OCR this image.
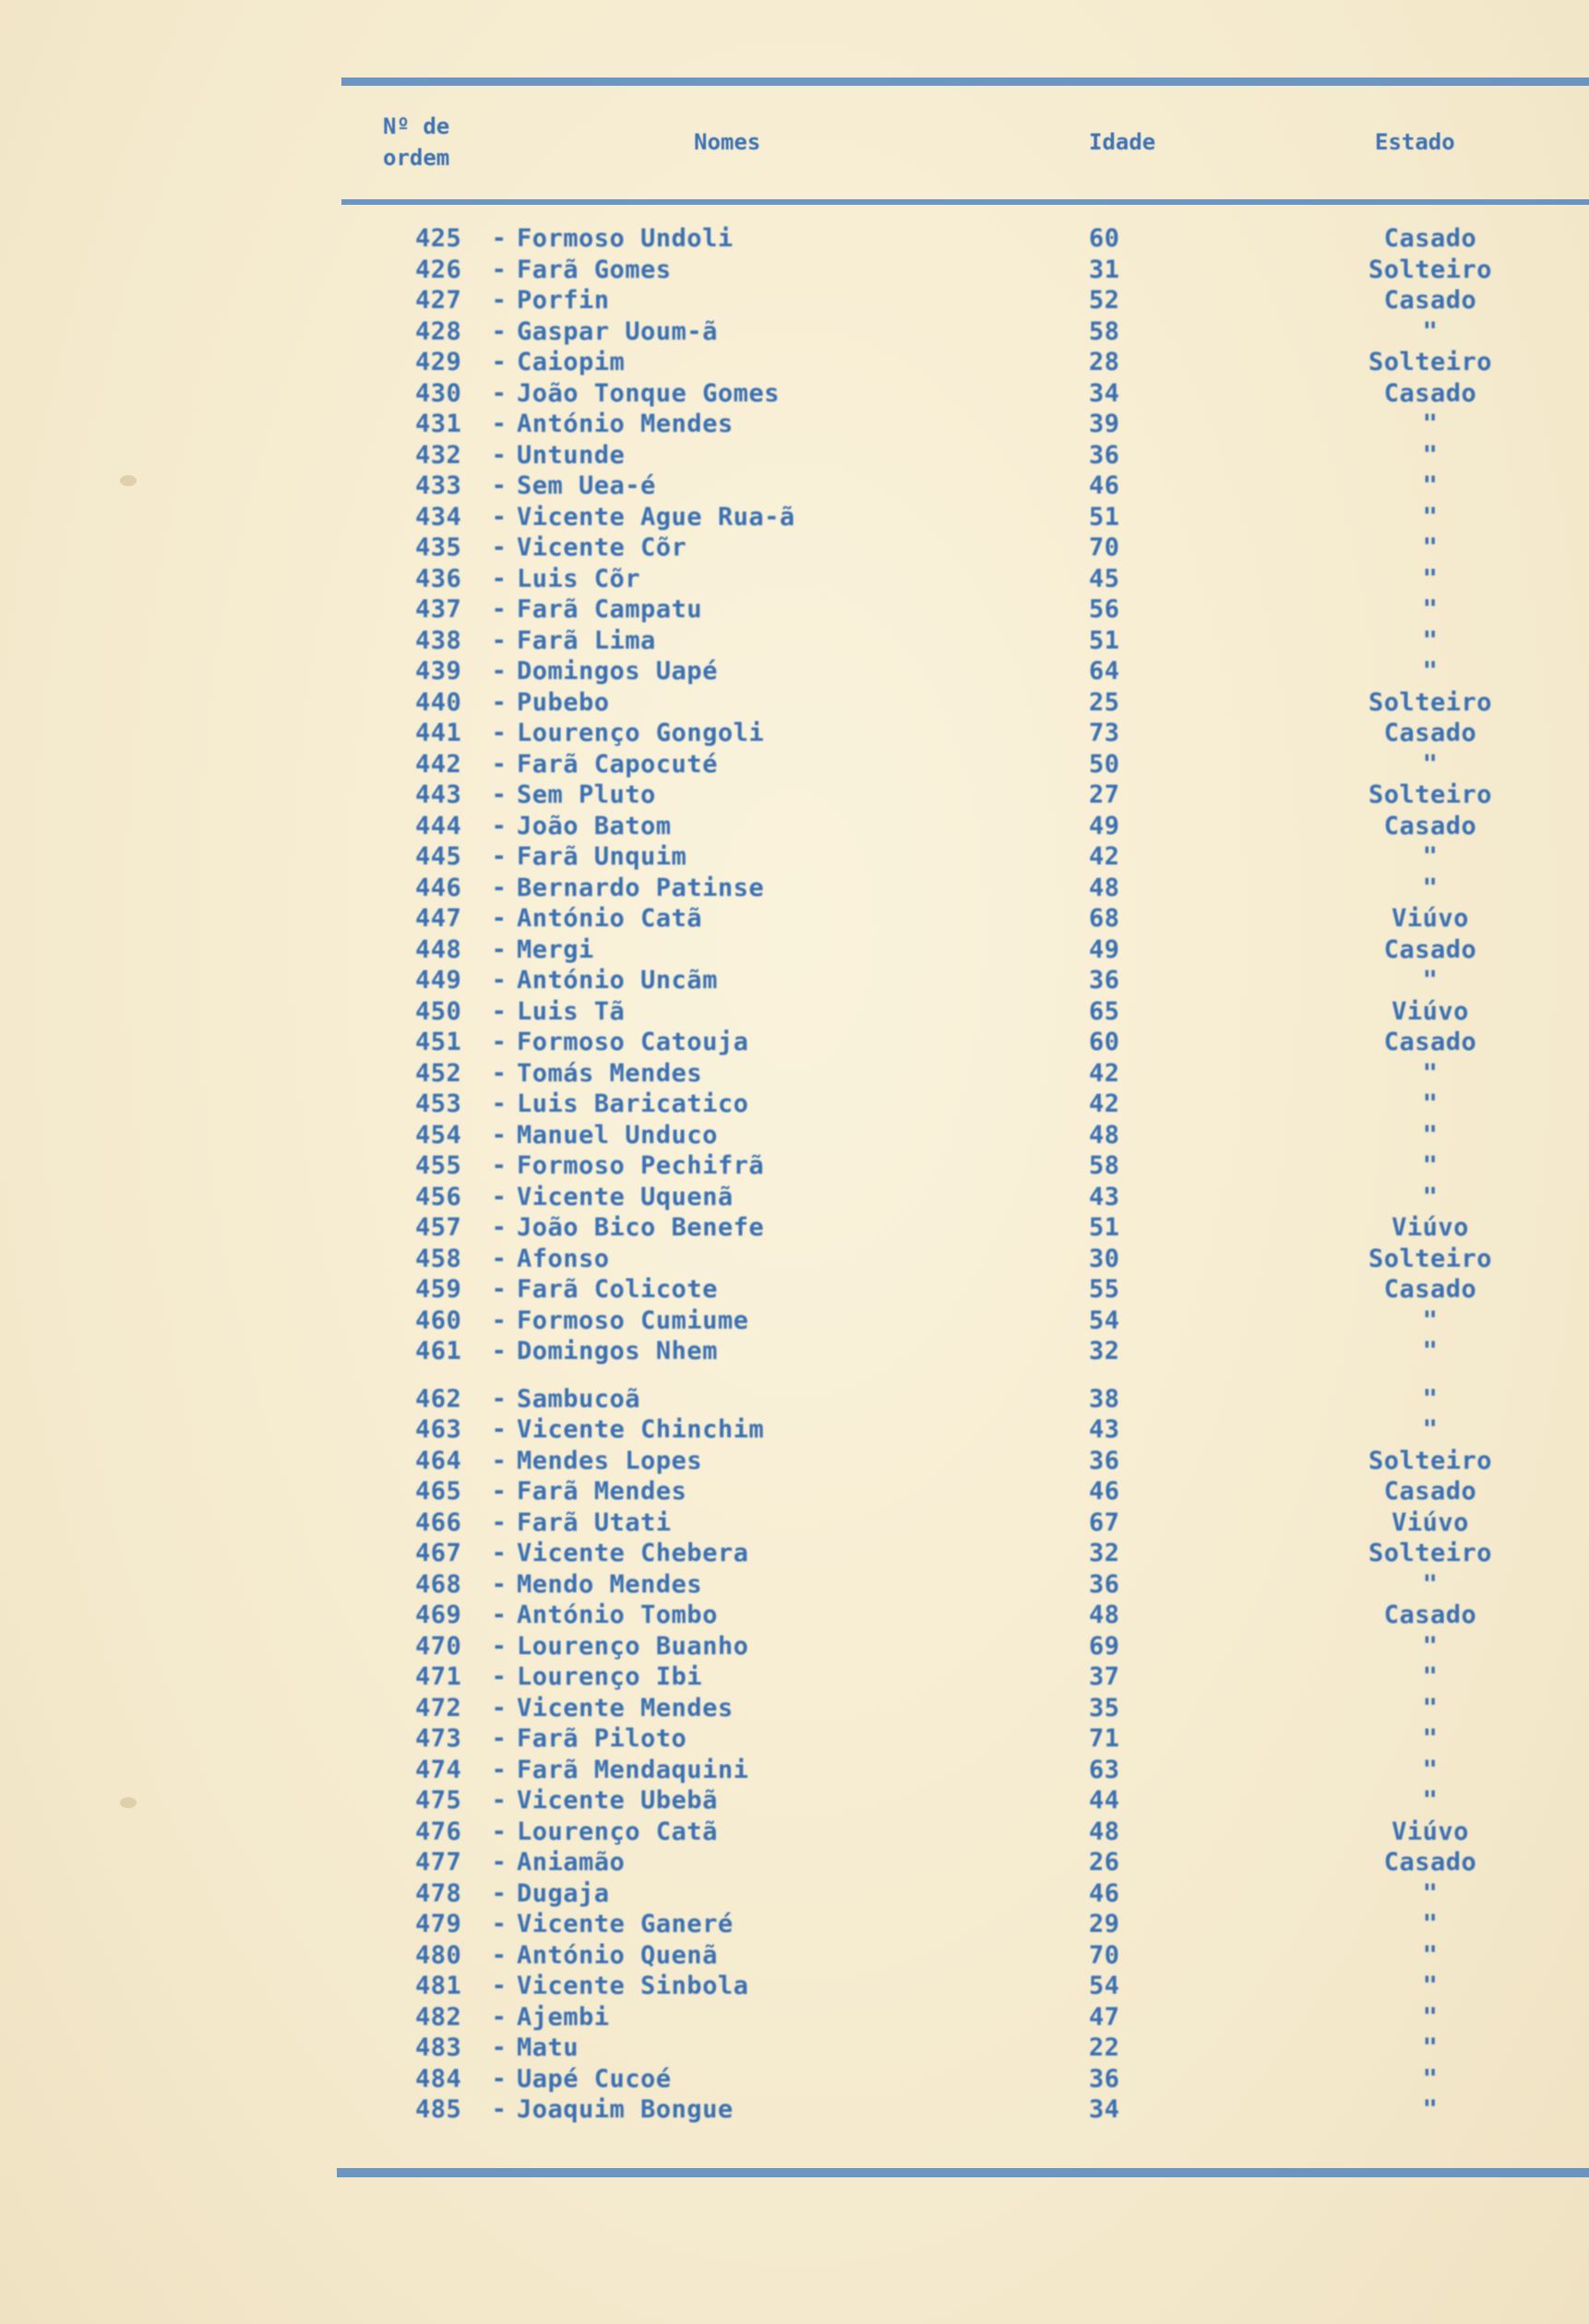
Nº de
ordem
Nomes	Idade	Estado
425	- Formoso Undoli	60	Casado
426	- Farã Gomes	31	Solteiro
427	- Porfin	52	Casado
428	- Gaspar Uoum-ã	58	"
429	- Caiopim	28	Solteiro
430	- João Tonque Gomes	34	Casado
431	- António Mendes	39	"
432	- Untunde	36	"
433	- Sem Uea-é	46	"
434	- Vicente Ague Rua-ã	51	"
435	- Vicente Cõr	70	"
436	- Luis Cõr	45	"
437	- Farã Campatu	56	"
438	- Farã Lima	51	"
439	- Domingos Uapé	64	"
440	- Pubebo	25	Solteiro
441	- Lourenço Gongoli	73	Casado
442	- Farã Capocuté	50	"
443	- Sem Pluto	27	Solteiro
444	- João Batom	49	Casado
445	- Farã Unquim	42	"
446	- Bernardo Patinse	48	"
447	- António Catã	68	Viúvo
448	- Mergi	49	Casado
449	- António Uncãm	36	"
450	- Luis Tã	65	Viúvo
451	- Formoso Catouja	60	Casado
452	- Tomás Mendes	42	"
453	- Luis Baricatico	42	"
454	- Manuel Unduco	48	"
455	- Formoso Pechifrã	58	"
456	- Vicente Uquenã	43	"
457	- João Bico Benefe	51	Viúvo
458	- Afonso	30	Solteiro
459	- Farã Colicote	55	Casado
460	- Formoso Cumiume	54	"
461	- Domingos Nhem	32	"
462	- Sambucoã	38	"
463	- Vicente Chinchim	43	"
464	- Mendes Lopes	36	Solteiro
465	- Farã Mendes	46	Casado
466	- Farã Utati	67	Viúvo
467	- Vicente Chebera	32	Solteiro
468	- Mendo Mendes	36	"
469	- António Tombo	48	Casado
470	- Lourenço Buanho	69	"
471	- Lourenço Ibi	37	"
472	- Vicente Mendes	35	"
473	- Farã Piloto	71	"
474	- Farã Mendaquini	63	"
475	- Vicente Ubebã	44	"
476	- Lourenço Catã	48	Viúvo
477	- Aniamão	26	Casado
478	- Dugaja	46	"
479	- Vicente Ganeré	29	"
480	- António Quenã	70	"
481	- Vicente Sinbola	54	"
482	- Ajembi	47	"
483	- Matu	22	"
484	- Uapé Cucoé	36	"
485	- Joaquim Bongue	34	"
